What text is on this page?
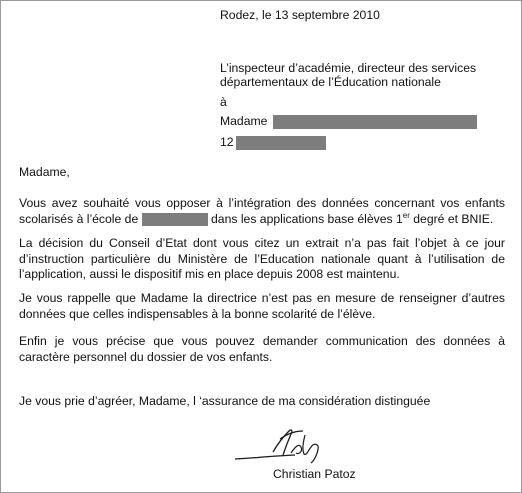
Rodez, le 13 septembre 2010
L’inspecteur d’académie, directeur des services
départementaux de l’Éducation nationale
à
Madame
12
Madame,
Vous avez souhaité vous opposer à l’intégration des données concernant vos enfants scolarisés à l’école de	dans les applications base élèves 1er degré et BNIE.
La décision du Conseil d’Etat dont vous citez un extrait n’a pas fait l’objet à ce jour d’instruction particulière du Ministère de l’Education nationale quant à l’utilisation de l’application, aussi le dispositif mis en place depuis 2008 est maintenu.
Je vous rappelle que Madame la directrice n’est pas en mesure de renseigner d’autres données que celles indispensables à la bonne scolarité de l’élève.
Enfin je vous précise que vous pouvez demander communication des données à caractère personnel du dossier de vos enfants.
Je vous prie d’agréer, Madame, l ‘assurance de ma considération distinguée
Christian Patoz
